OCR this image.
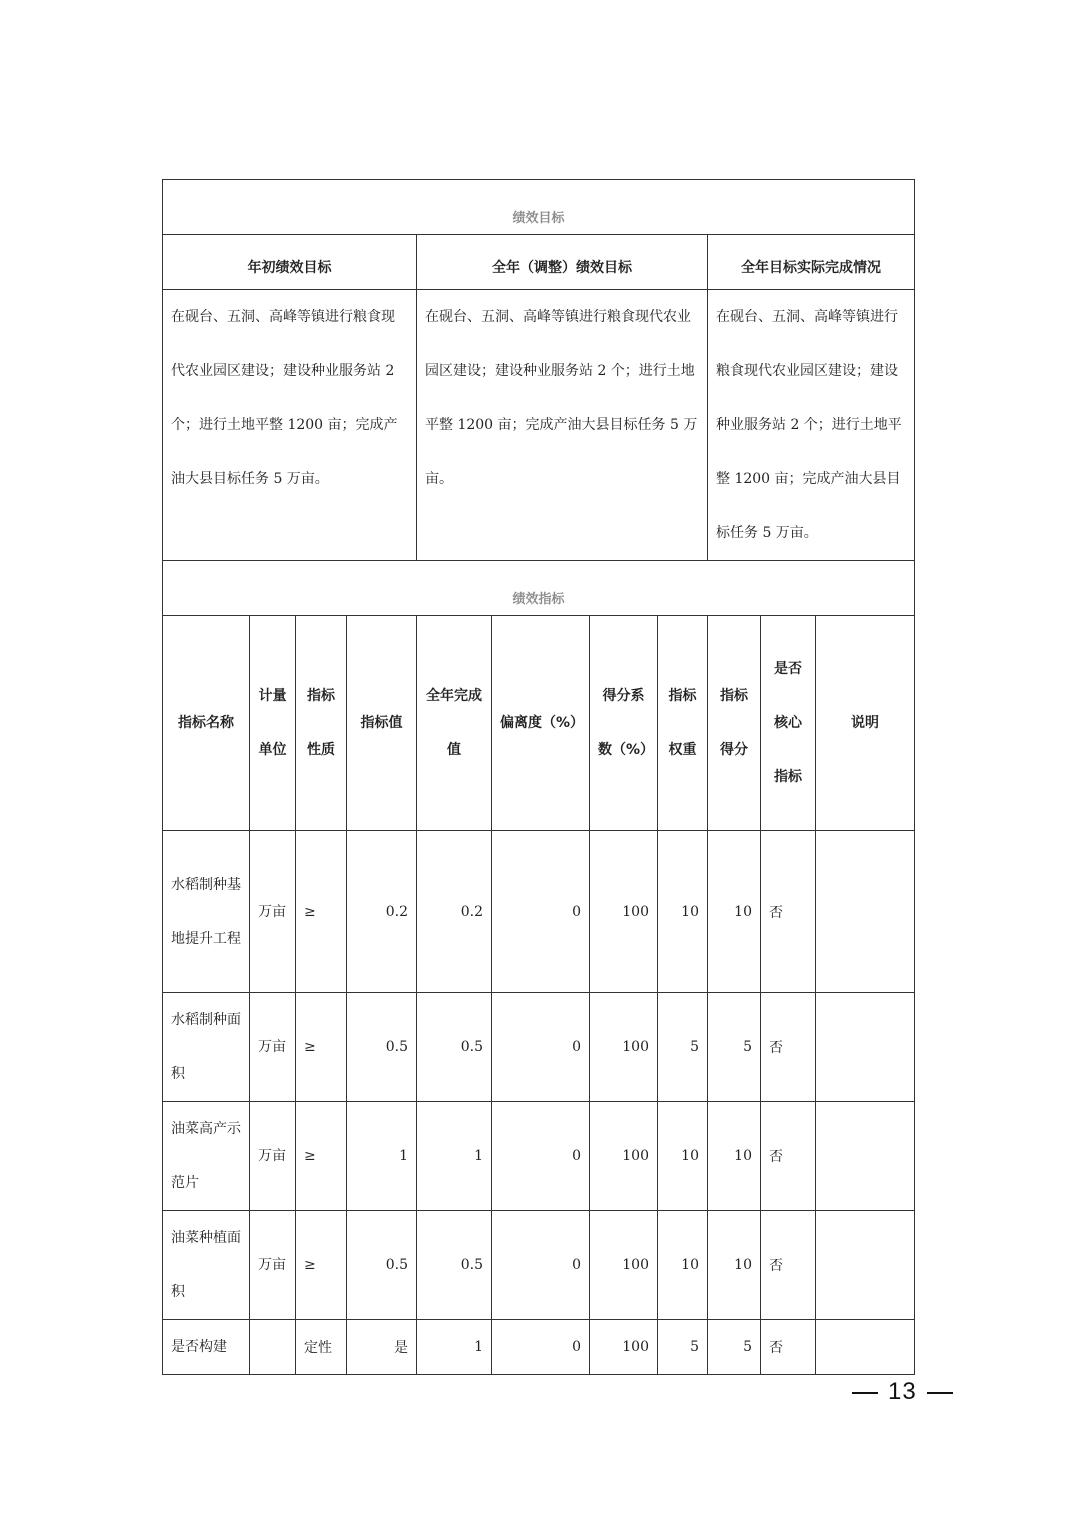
绩效目标										
年初绩效目标				全年（调整）绩效目标				全年目标实际完成情况		
在砚台、五洞、高峰等镇进行粮食现代农业园区建设；建设种业服务站 2 个；进行土地平整 1200 亩；完成产油大县目标任务 5 万亩。				在砚台、五洞、高峰等镇进行粮食现代农业园区建设；建设种业服务站 2 个；进行土地平整 1200 亩；完成产油大县目标任务 5 万亩。				在砚台、五洞、高峰等镇进行粮食现代农业园区建设；建设种业服务站 2 个；进行土地平整 1200 亩；完成产油大县目标任务 5 万亩。		
绩效指标										
指标名称	计量单位	指标性质	指标值	全年完成值	偏离度（%）	得分系数（%）	指标权重	指标得分	是否核心指标	说明
水稻制种基地提升工程	万亩	≥	0.2	0.2	0	100	10	10	否	
水稻制种面积	万亩	≥	0.5	0.5	0	100	5	5	否	
油菜高产示范片	万亩	≥	1	1	0	100	10	10	否	
油菜种植面积	万亩	≥	0.5	0.5	0	100	10	10	否	
是否构建		定性	是	1	0	100	5	5	否	
13
